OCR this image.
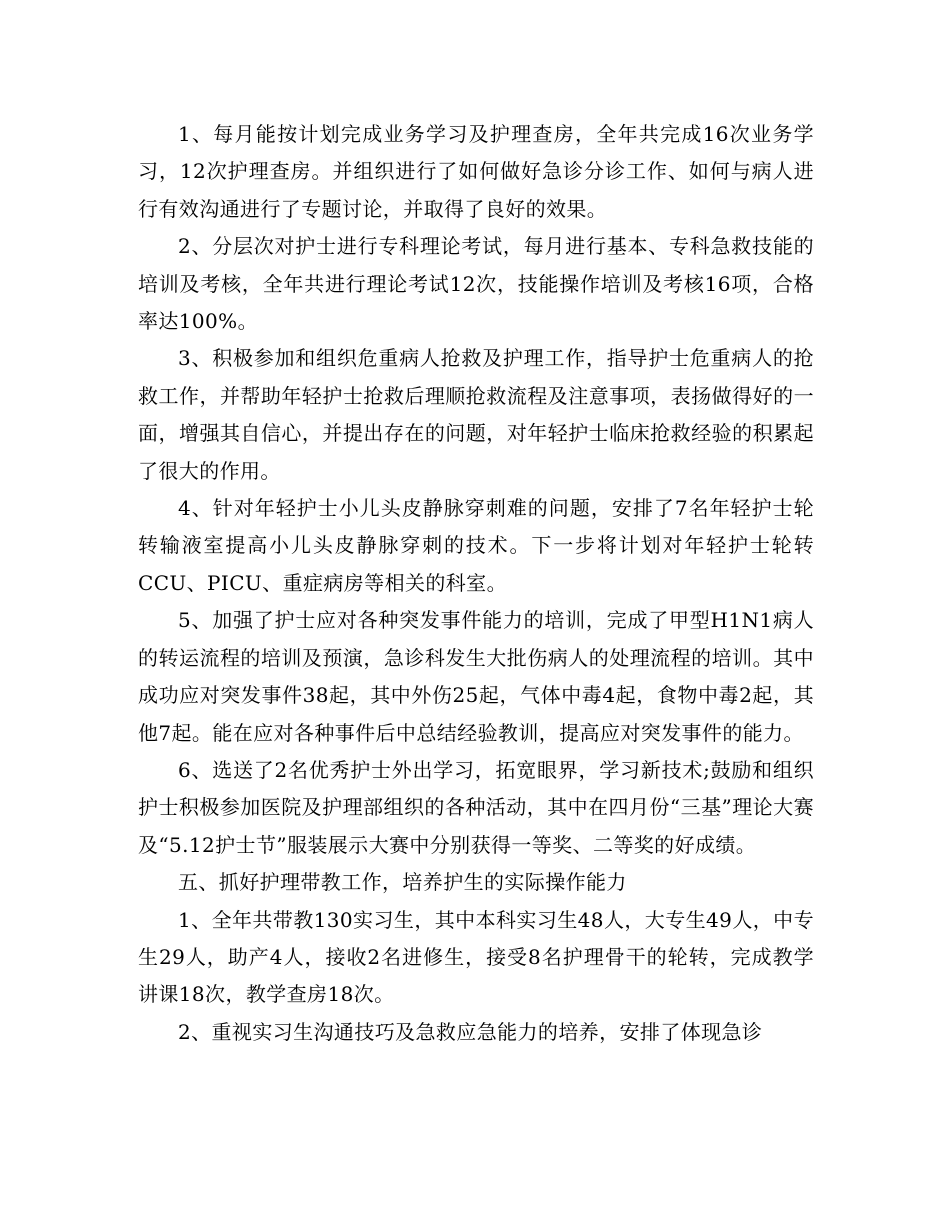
1、每月能按计划完成业务学习及护理查房，全年共完成16次业务学习，12次护理查房。并组织进行了如何做好急诊分诊工作、如何与病人进行有效沟通进行了专题讨论，并取得了良好的效果。

2、分层次对护士进行专科理论考试，每月进行基本、专科急救技能的培训及考核，全年共进行理论考试12次，技能操作培训及考核16项，合格率达100%。

3、积极参加和组织危重病人抢救及护理工作，指导护士危重病人的抢救工作，并帮助年轻护士抢救后理顺抢救流程及注意事项，表扬做得好的一面，增强其自信心，并提出存在的问题，对年轻护士临床抢救经验的积累起了很大的作用。

4、针对年轻护士小儿头皮静脉穿刺难的问题，安排了7名年轻护士轮转输液室提高小儿头皮静脉穿刺的技术。下一步将计划对年轻护士轮转CCU、PICU、重症病房等相关的科室。

5、加强了护士应对各种突发事件能力的培训，完成了甲型H1N1病人的转运流程的培训及预演，急诊科发生大批伤病人的处理流程的培训。其中成功应对突发事件38起，其中外伤25起，气体中毒4起，食物中毒2起，其他7起。能在应对各种事件后中总结经验教训，提高应对突发事件的能力。

6、选送了2名优秀护士外出学习，拓宽眼界，学习新技术;鼓励和组织护士积极参加医院及护理部组织的各种活动，其中在四月份“三基”理论大赛及“5.12护士节”服装展示大赛中分别获得一等奖、二等奖的好成绩。

五、抓好护理带教工作，培养护生的实际操作能力

1、全年共带教130实习生，其中本科实习生48人，大专生49人，中专生29人，助产4人，接收2名进修生，接受8名护理骨干的轮转，完成教学讲课18次，教学查房18次。

2、重视实习生沟通技巧及急救应急能力的培养，安排了体现急诊
